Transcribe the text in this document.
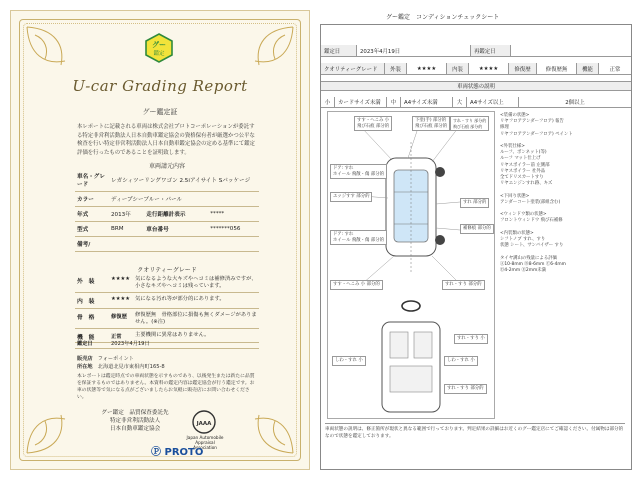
グー
鑑定
U-car Grading Report
グー鑑定証
本レポートに記載される車両は株式会社プロトコーポレーションが委託する特定非営利活動法人日本自動車鑑定協会の資格保有者が厳選かつ公平な検査を行い特定非営利活動法人日本自動車鑑定協会の定める基準にて鑑定評価を行ったものであることを証明致します。
車両請元内容
車名・グレード	レガシィツーリングワゴン 2.5iアイサイト Sパッケージ		
カラー	ディープシーブルー・パール		
年式	2013年	走行距離計表示	*****
型式	BRM	車台番号	*******056
備考/			
クオリティーグレード
外　装	★★★★ 気になるような大キズやヘコミは補修済みですが、小さなキズやヘコミは残っています。
内　装	★★★★ 気になる汚れ等が部分的にあります。
骨　格	修復歴	修復歴無　骨格部位に損傷も無くダメージがありません。(※注)
機　能	正常	主要機関に異常はありません。
鑑定日	2023年4月19日
販売店　 フォーポイント
所在地　 北海道北見市東相内町165-8
本レポートは鑑定時点での車両状態を示すものであり、以後発生または新たに品質を保証するものではありません。本資料の鑑定内容は鑑定協会が行う鑑定です。お車の状態等で気になる点がございましたらお気軽に販売店にお問い合わせください。
グー鑑定　品質保査委託先
特定非営利活動法人
日本自動車鑑定協会
JAAA
Japan Automobile Appraisal Association
Ⓟ PROTO
グー鑑定　コンディションチェックシート
鑑定日	2023年4月19日	再鑑定日
クオリティーグレード	外装	★★★★	内装	★★★★	修復歴	修復歴無	機能	正常
車両状態の説明
小	カードサイズ未満	中	A4サイズ未満	大	A4サイズ以上	2個以上
すす・へこみ 小
飛び石痕 部分的
下塗(手) 部分的
飛び石痕 部分的
すれ・すり 部分的
飛び石痕 部分的
ドア: すれ
ホイール 飛散・傷 部分的
エッジすす 部分的
すれ 部分的
ドア: すれ
ホイール 飛散・傷 部分的
補修痕 部分的
すす・へこみ 小 部分的	すれ・すり 部分的
すれ・すり 小
しわ・すれ 小	しわ・すれ 小
すれ・すり 部分的
<装備の状態>
リヤフロアアンダーフロア) 報告
修理
リヤフロアアンダーフロア) ペイント

<外装仕様>
ルーフ、ボンネット(等)
ルーフ マット仕上げ
リヤスポイラー前 左側部
リヤスポイラー 社外品
全てドリスカートすり
リヤエンジンすれ跡、キズ

<下回り状態>
アンダーコート塗装(部組含む)

<ウィンドウ類の状態>
フロントウィンドウ 飛び石補修

<内装類の状態>
シフトノブ すれ、すり
状態 シート、サンバイザー すり

タイヤ溝山の残量による評価
Ⓐ10-8mm Ⓑ8-6mm Ⓒ6-4mm
Ⓓ4-2mm Ⓔ2mm未満
車両状態の説明は、修正箇所が現状と異なる範囲で行っております。判定結果の詳細はお近くのグー鑑定店にてご確認ください。付属物は部分的なので状態を鑑定しております。
